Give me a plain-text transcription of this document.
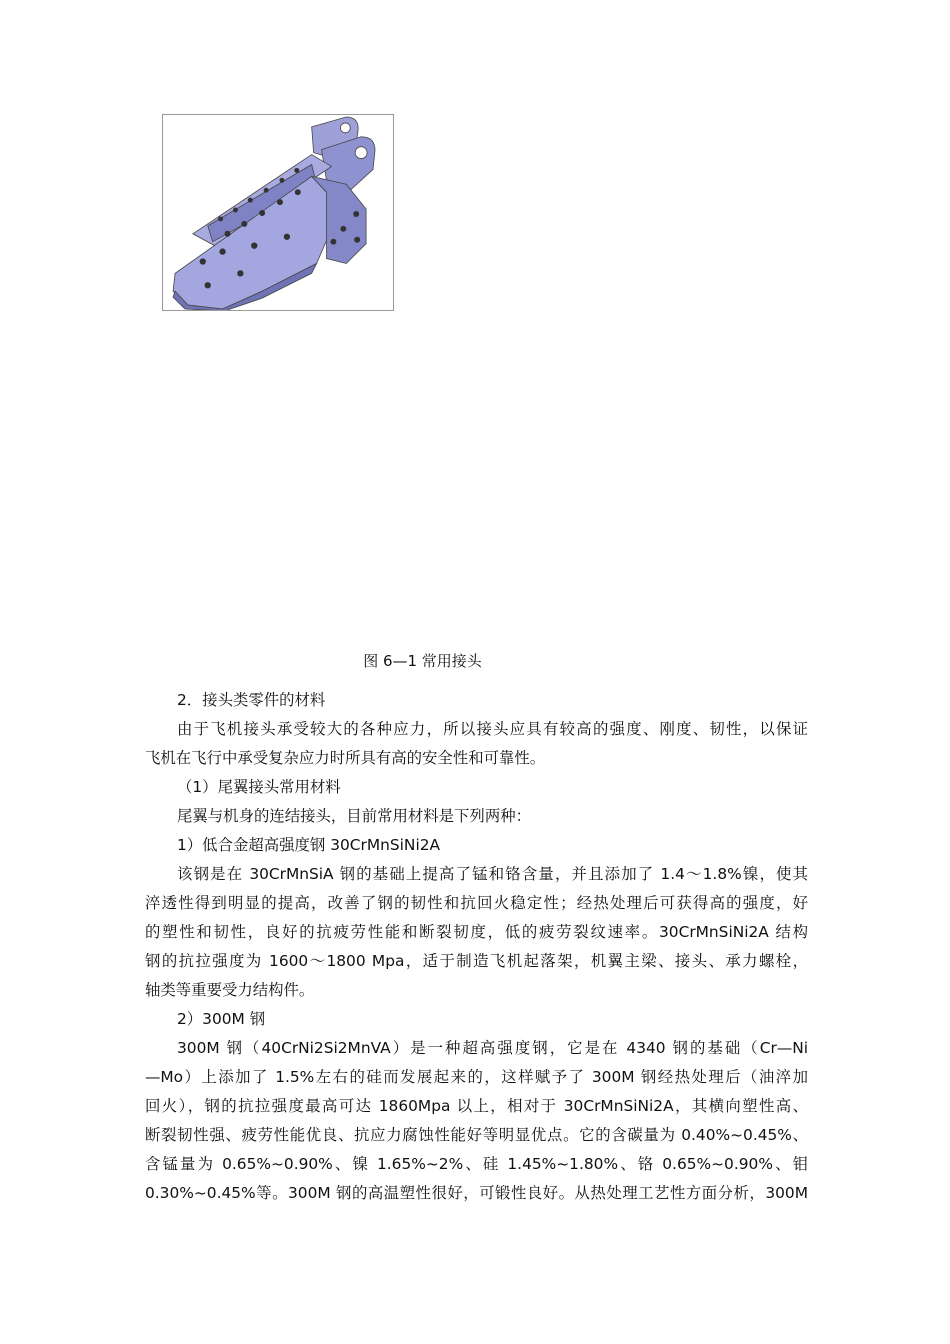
图 6—1 常用接头

2．接头类零件的材料

由于飞机接头承受较大的各种应力，所以接头应具有较高的强度、刚度、韧性，以保证

飞机在飞行中承受复杂应力时所具有高的安全性和可靠性。

（1）尾翼接头常用材料

尾翼与机身的连结接头，目前常用材料是下列两种：

1）低合金超高强度钢 30CrMnSiNi2A

该钢是在 30CrMnSiA 钢的基础上提高了锰和铬含量，并且添加了 1.4～1.8%镍，使其

淬透性得到明显的提高，改善了钢的韧性和抗回火稳定性；经热处理后可获得高的强度，好

的塑性和韧性，良好的抗疲劳性能和断裂韧度，低的疲劳裂纹速率。30CrMnSiNi2A 结构

钢的抗拉强度为 1600～1800 Mpa，适于制造飞机起落架，机翼主梁、接头、承力螺栓，

轴类等重要受力结构件。

2）300M 钢

300M 钢（40CrNi2Si2MnVA）是一种超高强度钢，它是在 4340 钢的基础（Cr—Ni

—Mo）上添加了 1.5%左右的硅而发展起来的，这样赋予了 300M 钢经热处理后（油淬加

回火），钢的抗拉强度最高可达 1860Mpa 以上，相对于 30CrMnSiNi2A，其横向塑性高、

断裂韧性强、疲劳性能优良、抗应力腐蚀性能好等明显优点。它的含碳量为 0.40%~0.45%、

含锰量为 0.65%~0.90%、镍 1.65%~2%、硅 1.45%~1.80%、铬 0.65%~0.90%、钼

0.30%~0.45%等。300M 钢的高温塑性很好，可锻性良好。从热处理工艺性方面分析，300M
